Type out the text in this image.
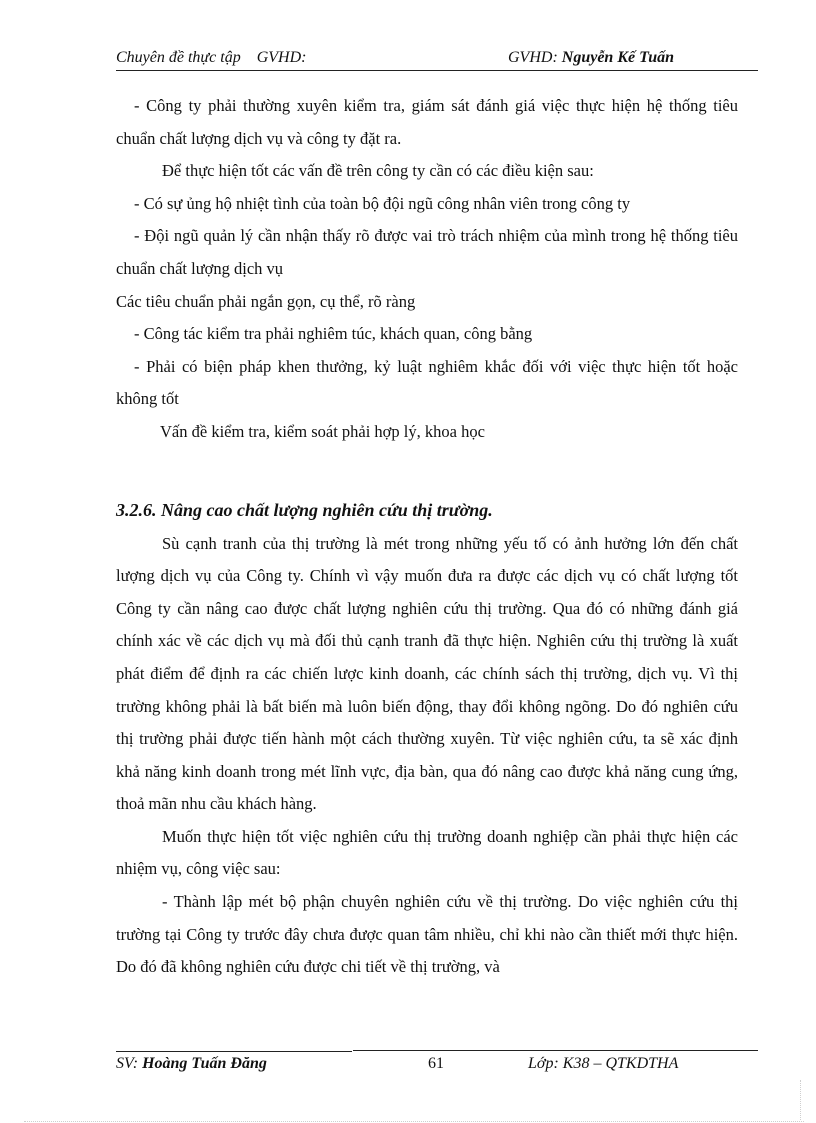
Chuyên đề thực tập GVHD:	GVHD: Nguyễn Kế Tuấn

- Công ty phải thường xuyên kiểm tra, giám sát đánh giá việc thực hiện hệ thống tiêu chuẩn chất lượng dịch vụ và công ty đặt ra.

Để thực hiện tốt các vấn đề trên công ty cần có các điều kiện sau:

- Có sự ủng hộ nhiệt tình của toàn bộ đội ngũ công nhân viên trong công ty

- Đội ngũ quản lý cần nhận thấy rõ được vai trò trách nhiệm của mình trong hệ thống tiêu chuẩn chất lượng dịch vụ

Các tiêu chuẩn phải ngắn gọn, cụ thể, rõ ràng

- Công tác kiểm tra phải nghiêm túc, khách quan, công bằng

- Phải có biện pháp khen thưởng, kỷ luật nghiêm khắc đối với việc thực hiện tốt hoặc không tốt

Vấn đề kiểm tra, kiểm soát phải hợp lý, khoa học

3.2.6. Nâng cao chất lượng nghiên cứu thị trường.

Sù cạnh tranh của thị trường là mét trong những yếu tố có ảnh hưởng lớn đến chất lượng dịch vụ của Công ty. Chính vì vậy muốn đưa ra được các dịch vụ có chất lượng tốt Công ty cần nâng cao được chất lượng nghiên cứu thị trường. Qua đó có những đánh giá chính xác về các dịch vụ mà đối thủ cạnh tranh đã thực hiện. Nghiên cứu thị trường là xuất phát điểm để định ra các chiến lược kinh doanh, các chính sách thị trường, dịch vụ. Vì thị trường không phải là bất biến mà luôn biến động, thay đổi không ngõng. Do đó nghiên cứu thị trường phải được tiến hành một cách thường xuyên. Từ việc nghiên cứu, ta sẽ xác định khả năng kinh doanh trong mét lĩnh vực, địa bàn, qua đó nâng cao được khả năng cung ứng, thoả mãn nhu cầu khách hàng.

Muốn thực hiện tốt việc nghiên cứu thị trường doanh nghiệp cần phải thực hiện các nhiệm vụ, công việc sau:

- Thành lập mét bộ phận chuyên nghiên cứu về thị trường. Do việc nghiên cứu thị trường tại Công ty trước đây chưa được quan tâm nhiều, chỉ khi nào cần thiết mới thực hiện. Do đó đã không nghiên cứu được chi tiết về thị trường, và

SV: Hoàng Tuấn Đăng	61	Lớp: K38 – QTKDTHA
